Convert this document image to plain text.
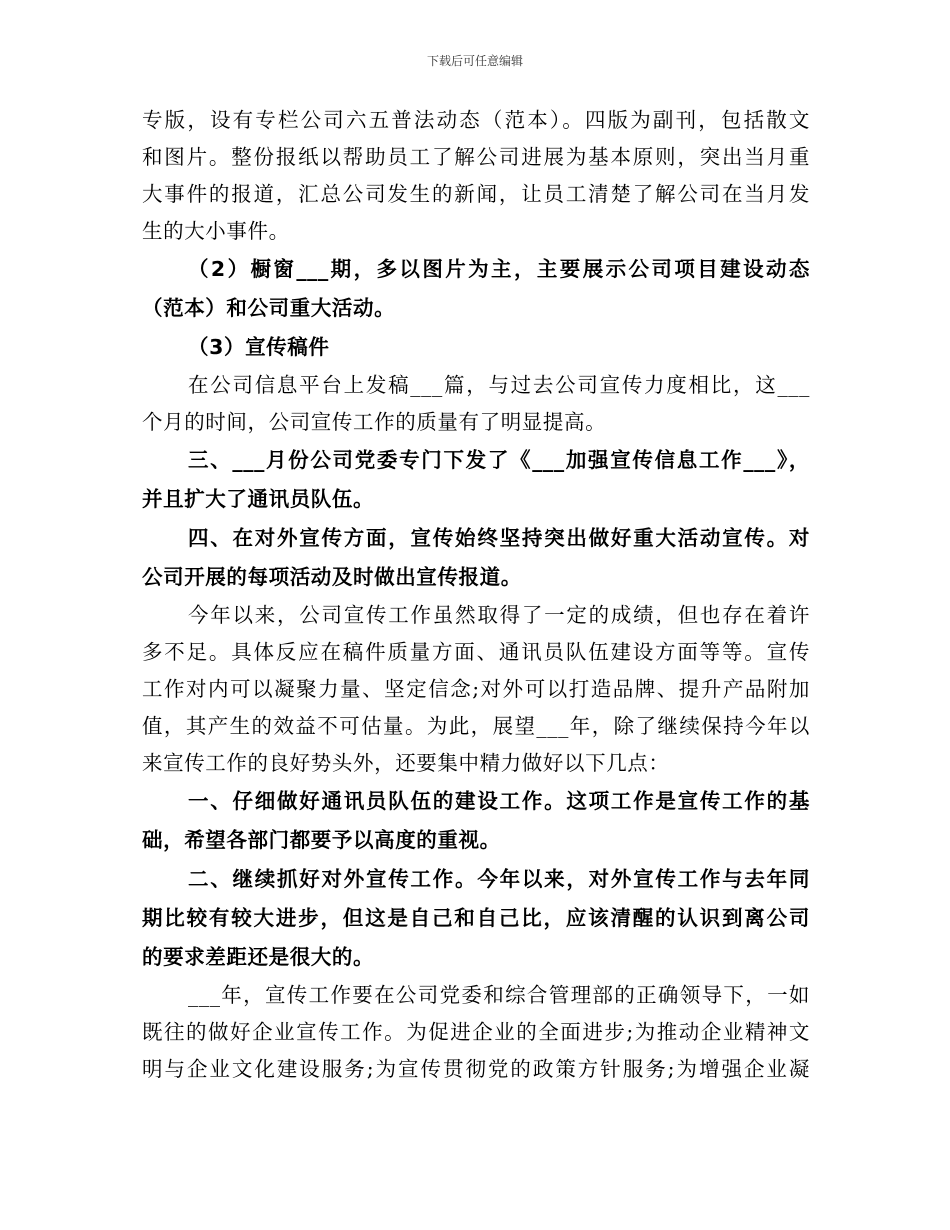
下载后可任意编辑
专版，设有专栏公司六五普法动态（范本）。四版为副刊，包括散文
和图片。整份报纸以帮助员工了解公司进展为基本原则，突出当月重
大事件的报道，汇总公司发生的新闻，让员工清楚了解公司在当月发
生的大小事件。
（2）橱窗___期，多以图片为主，主要展示公司项目建设动态
（范本）和公司重大活动。
（3）宣传稿件
在公司信息平台上发稿___篇，与过去公司宣传力度相比，这___
个月的时间，公司宣传工作的质量有了明显提高。
三、___月份公司党委专门下发了《___加强宣传信息工作___》，
并且扩大了通讯员队伍。
四、在对外宣传方面，宣传始终坚持突出做好重大活动宣传。对
公司开展的每项活动及时做出宣传报道。
今年以来，公司宣传工作虽然取得了一定的成绩，但也存在着许
多不足。具体反应在稿件质量方面、通讯员队伍建设方面等等。宣传
工作对内可以凝聚力量、坚定信念;对外可以打造品牌、提升产品附加
值，其产生的效益不可估量。为此，展望___年，除了继续保持今年以
来宣传工作的良好势头外，还要集中精力做好以下几点：
一、仔细做好通讯员队伍的建设工作。这项工作是宣传工作的基
础，希望各部门都要予以高度的重视。
二、继续抓好对外宣传工作。今年以来，对外宣传工作与去年同
期比较有较大进步，但这是自己和自己比，应该清醒的认识到离公司
的要求差距还是很大的。
___年，宣传工作要在公司党委和综合管理部的正确领导下，一如
既往的做好企业宣传工作。为促进企业的全面进步;为推动企业精神文
明与企业文化建设服务;为宣传贯彻党的政策方针服务;为增强企业凝
